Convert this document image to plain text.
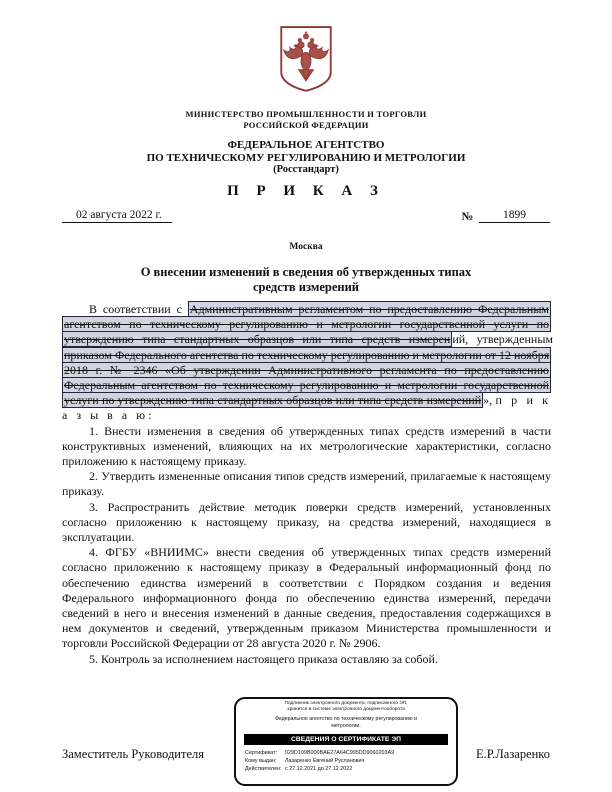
МИНИСТЕРСТВО ПРОМЫШЛЕННОСТИ И ТОРГОВЛИ
РОССИЙСКОЙ ФЕДЕРАЦИИ
ФЕДЕРАЛЬНОЕ АГЕНТСТВО
ПО ТЕХНИЧЕСКОМУ РЕГУЛИРОВАНИЮ И МЕТРОЛОГИИ
(Росстандарт)
П Р И К А З
02 августа 2022 г.	№	1899
Москва
О внесении изменений в сведения об утвержденных типах
средств измерений

В соответствии с Административным регламентом по предоставлению Федеральным агентством по техническому регулированию и метрологии государственной услуги по утверждению типа стандартных образцов или типа средств измерен ий, утвержденным приказом Федерального агентства по техническому регулированию и метрологии от 12 ноября 2018 г. № 2346 «Об утверждении Административного регламента по предоставлению Федеральным агентством по техническому регулированию и метрологии государственной услуги по утверждению типа стандартных образцов или типа средств измерений », п р и к а з ы в а ю:

1. Внести изменения в сведения об утвержденных типах средств измерений в части конструктивных изменений, влияющих на их метрологические характеристики, согласно приложению к настоящему приказу.

2. Утвердить измененные описания типов средств измерений, прилагаемые к настоящему приказу.

3. Распространить действие методик поверки средств измерений, установленных согласно приложению к настоящему приказу, на средства измерений, находящиеся в эксплуатации.

4. ФГБУ «ВНИИМС» внести сведения об утвержденных типах средств измерений согласно приложению к настоящему приказу в Федеральный информационный фонд по обеспечению единства измерений в соответствии с Порядком создания и ведения Федерального информационного фонда по обеспечению единства измерений, передачи сведений в него и внесения изменений в данные сведения, предоставления содержащихся в нем документов и сведений, утвержденным приказом Министерства промышленности и торговли Российской Федерации от 28 августа 2020 г. № 2906.

5. Контроль за исполнением настоящего приказа оставляю за собой.

Заместитель Руководителя	Е.Р.Лазаренко
Подлинник электронного документа, подписанного ЭП,
хранится в системе электронного документооборота
Федеральное агентство по техническому регулированию и
метрологии.
СВЕДЕНИЯ О СЕРТИФИКАТЕ ЭП
Сертификат: 029D109B000BAE27A64C995DD9060203A9
Кому выдан: Лазаренко Евгений Русланович
Действителен: с 27.12.2021 до 27.12.2022
